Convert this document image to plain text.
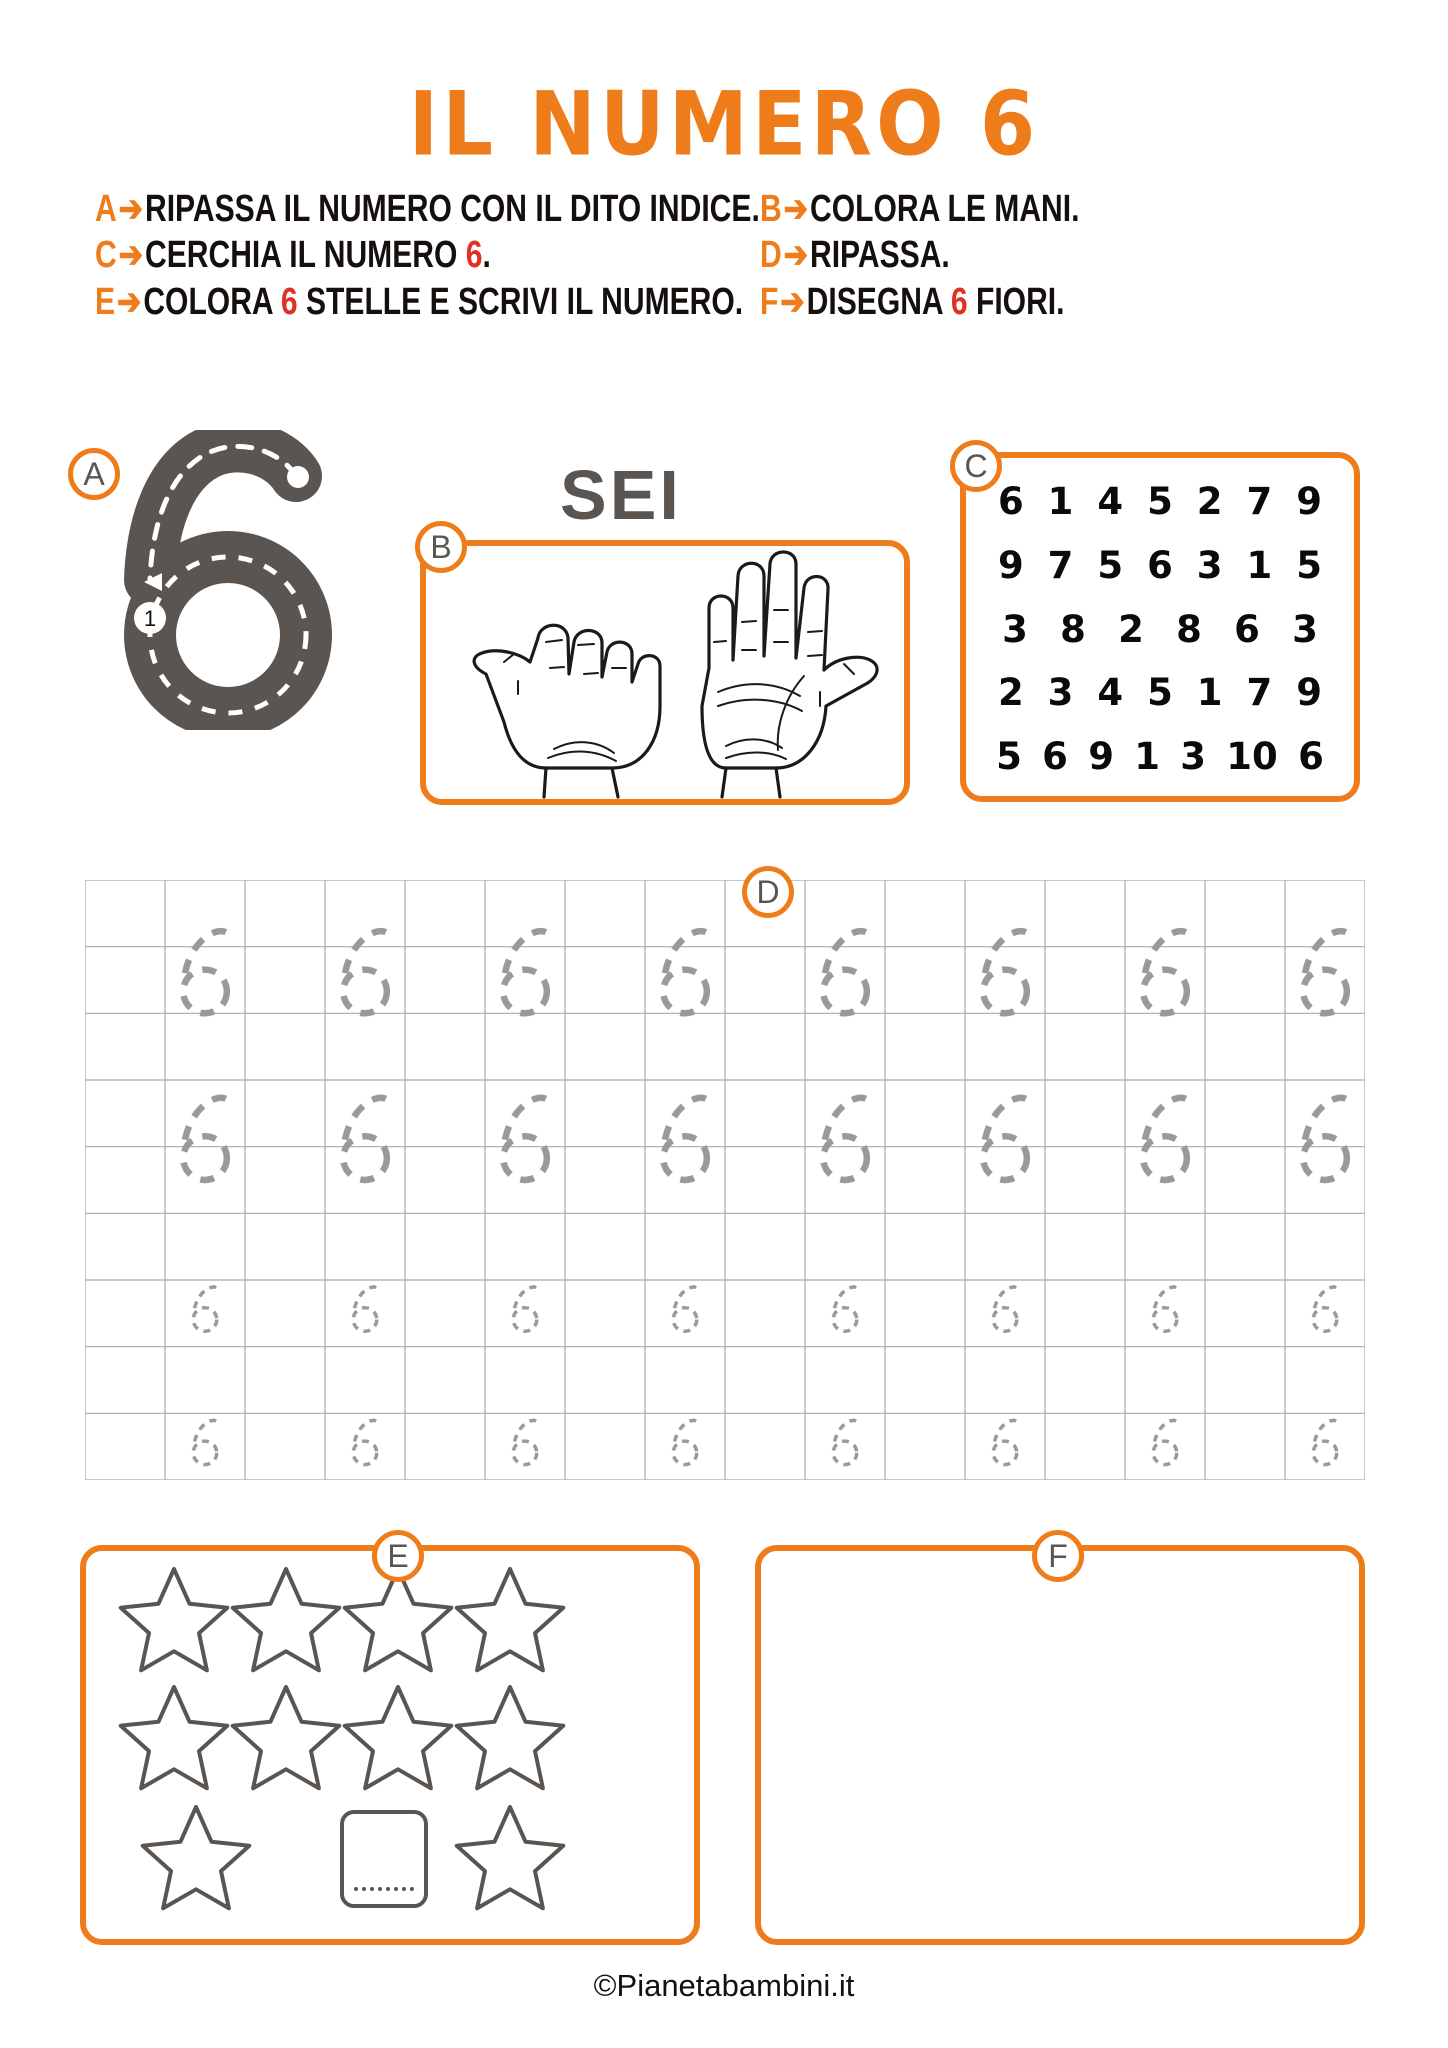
IL NUMERO 6
A➔RIPASSA IL NUMERO CON IL DITO INDICE. B➔COLORA LE MANI.
C➔CERCHIA IL NUMERO 6.	D➔RIPASSA.
E➔COLORA 6 STELLE E SCRIVI IL NUMERO. F➔DISEGNA 6 FIORI.
A
1
SEI
B
6 1 4 5 2 7 9
9 7 5 6 3 1 5
3 8 2 8 6 3
2 3 4 5 1 7 9
5 6 9 1 3 10 6
C
D
E	F
©Pianetabambini.it
